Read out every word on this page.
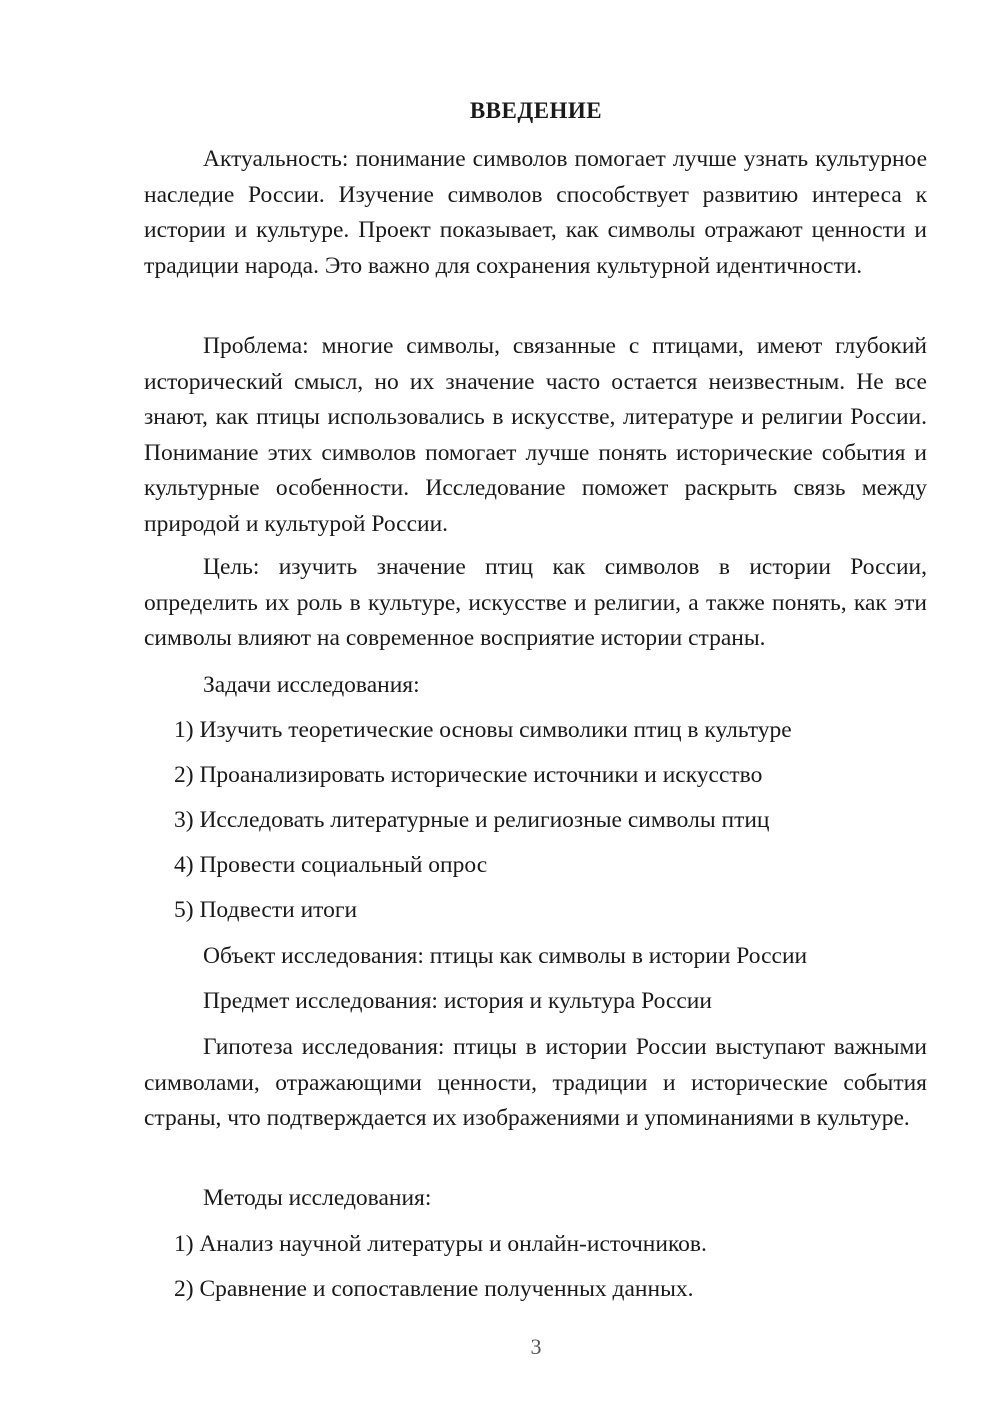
ВВЕДЕНИЕ

Актуальность: понимание символов помогает лучше узнать культурное наследие России. Изучение символов способствует развитию интереса к истории и культуре. Проект показывает, как символы отражают ценности и традиции народа. Это важно для сохранения культурной идентичности.

Проблема: многие символы, связанные с птицами, имеют глубокий исторический смысл, но их значение часто остается неизвестным. Не все знают, как птицы использовались в искусстве, литературе и религии России. Понимание этих символов помогает лучше понять исторические события и культурные особенности. Исследование поможет раскрыть связь между природой и культурой России.

Цель: изучить значение птиц как символов в истории России, определить их роль в культуре, искусстве и религии, а также понять, как эти символы влияют на современное восприятие истории страны.

Задачи исследования:
1) Изучить теоретические основы символики птиц в культуре
2) Проанализировать исторические источники и искусство
3) Исследовать литературные и религиозные символы птиц
4) Провести социальный опрос
5) Подвести итоги
Объект исследования: птицы как символы в истории России
Предмет исследования: история и культура России

Гипотеза исследования: птицы в истории России выступают важными символами, отражающими ценности, традиции и исторические события страны, что подтверждается их изображениями и упоминаниями в культуре.

Методы исследования:
1) Анализ научной литературы и онлайн-источников.
2) Сравнение и сопоставление полученных данных.
3
